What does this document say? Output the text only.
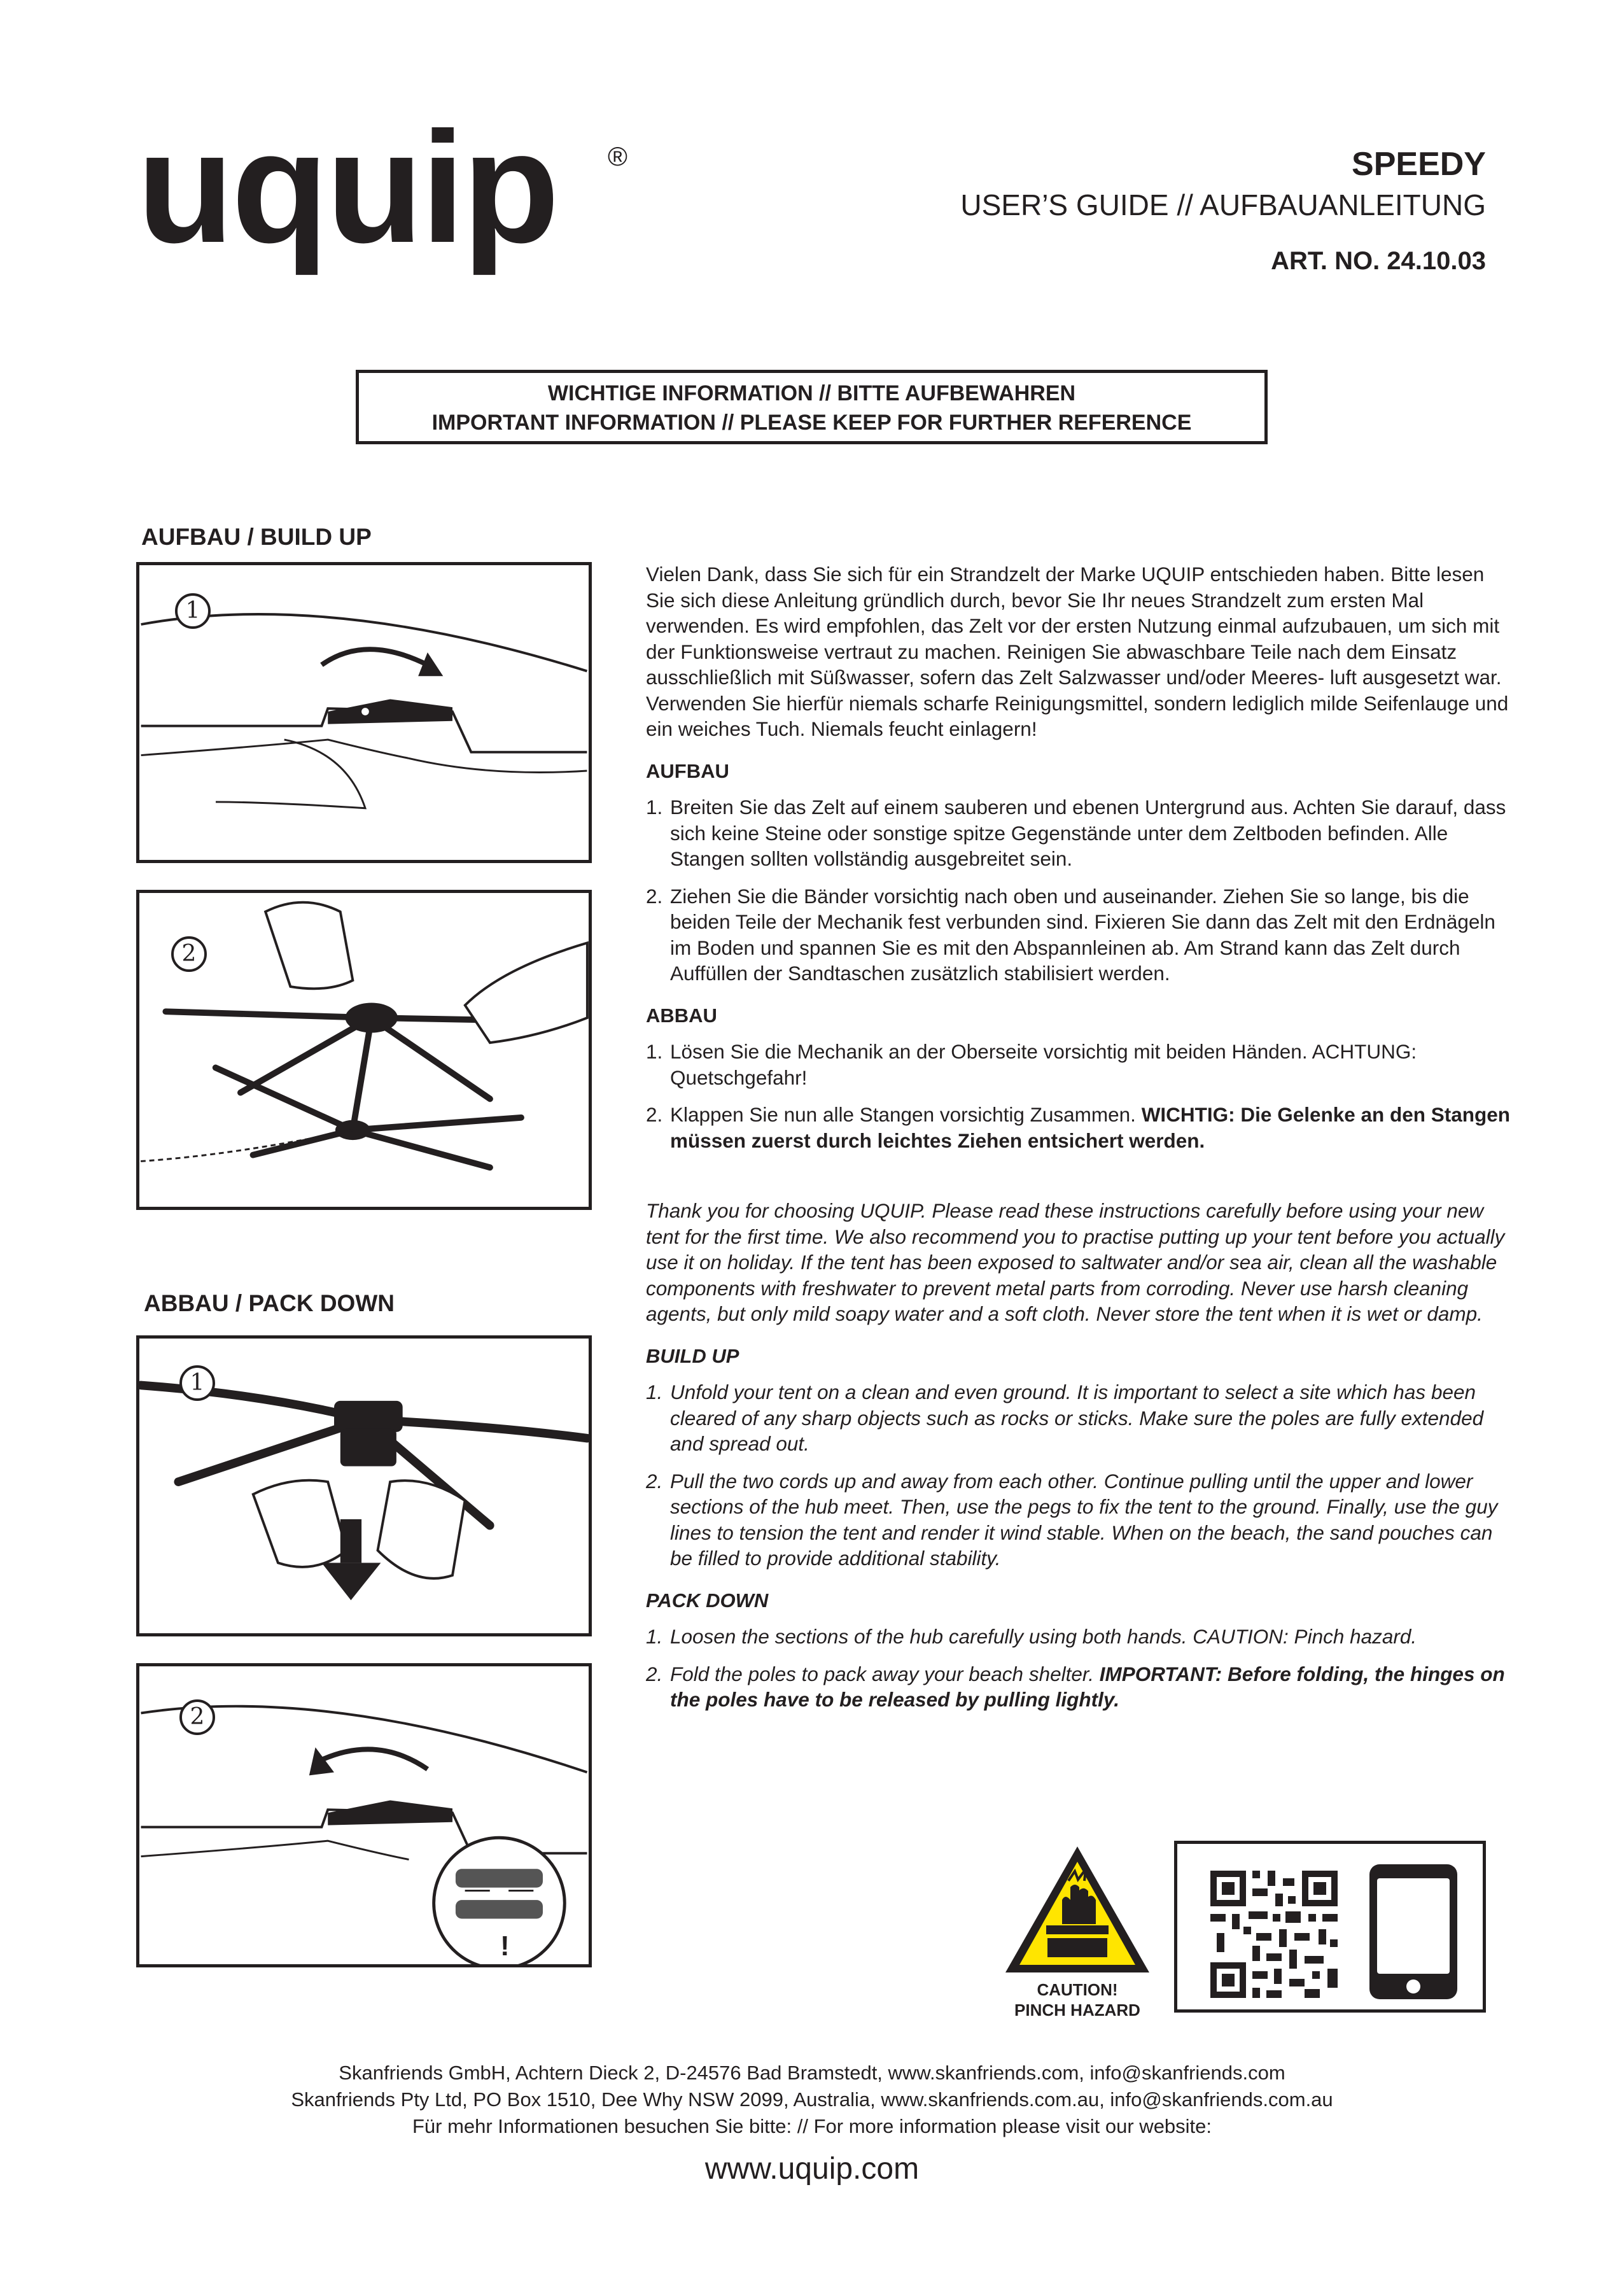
uquip ®	SPEEDY
USER’S GUIDE // AUFBAUANLEITUNG
ART. NO. 24.10.03
WICHTIGE INFORMATION // BITTE AUFBEWAHREN
IMPORTANT INFORMATION // PLEASE KEEP FOR FURTHER REFERENCE
AUFBAU / BUILD UP
1
2
ABBAU / PACK DOWN
1
2
!

Vielen Dank, dass Sie sich für ein Strandzelt der Marke UQUIP entschieden haben. Bitte lesen Sie sich diese Anleitung gründlich durch, bevor Sie Ihr neues Strandzelt zum ersten Mal verwenden. Es wird empfohlen, das Zelt vor der ersten Nutzung einmal aufzubauen, um sich mit der Funktionsweise vertraut zu machen. Reinigen Sie abwaschbare Teile nach dem Einsatz ausschließlich mit Süßwasser, sofern das Zelt Salzwasser und/oder Meeres- luft ausgesetzt war. Verwenden Sie hierfür niemals scharfe Reinigungsmittel, sondern lediglich milde Seifenlauge und ein weiches Tuch. Niemals feucht einlagern!

AUFBAU

1. Breiten Sie das Zelt auf einem sauberen und ebenen Untergrund aus. Achten Sie darauf, dass sich keine Steine oder sonstige spitze Gegenstände unter dem Zeltboden befinden. Alle Stangen sollten vollständig ausgebreitet sein.
2. Ziehen Sie die Bänder vorsichtig nach oben und auseinander. Ziehen Sie so lange, bis die beiden Teile der Mechanik fest verbunden sind. Fixieren Sie dann das Zelt mit den Erdnägeln im Boden und spannen Sie es mit den Abspannleinen ab. Am Strand kann das Zelt durch Auffüllen der Sandtaschen zusätzlich stabilisiert werden.

ABBAU

1. Lösen Sie die Mechanik an der Oberseite vorsichtig mit beiden Händen. ACHTUNG: Quetschgefahr!
2. Klappen Sie nun alle Stangen vorsichtig Zusammen. WICHTIG: Die Gelenke an den Stangen müssen zuerst durch leichtes Ziehen entsichert werden.

Thank you for choosing UQUIP. Please read these instructions carefully before using your new tent for the first time. We also recommend you to practise putting up your tent before you actually use it on holiday. If the tent has been exposed to saltwater and/or sea air, clean all the washable components with freshwater to prevent metal parts from corroding. Never use harsh cleaning agents, but only mild soapy water and a soft cloth. Never store the tent when it is wet or damp.

BUILD UP

1. Unfold your tent on a clean and even ground. It is important to select a site which has been cleared of any sharp objects such as rocks or sticks. Make sure the poles are fully extended and spread out.
2. Pull the two cords up and away from each other. Continue pulling until the upper and lower sections of the hub meet. Then, use the pegs to fix the tent to the ground. Finally, use the guy lines to tension the tent and render it wind stable. When on the beach, the sand pouches can be filled to provide additional stability.

PACK DOWN

1. Loosen the sections of the hub carefully using both hands. CAUTION: Pinch hazard.
2. Fold the poles to pack away your beach shelter. IMPORTANT: Before folding, the hinges on the poles have to be released by pulling lightly.
CAUTION!
PINCH HAZARD
Skanfriends GmbH, Achtern Dieck 2, D-24576 Bad Bramstedt, www.skanfriends.com, info@skanfriends.com
Skanfriends Pty Ltd, PO Box 1510, Dee Why NSW 2099, Australia, www.skanfriends.com.au, info@skanfriends.com.au
Für mehr Informationen besuchen Sie bitte: // For more information please visit our website:
www.uquip.com
